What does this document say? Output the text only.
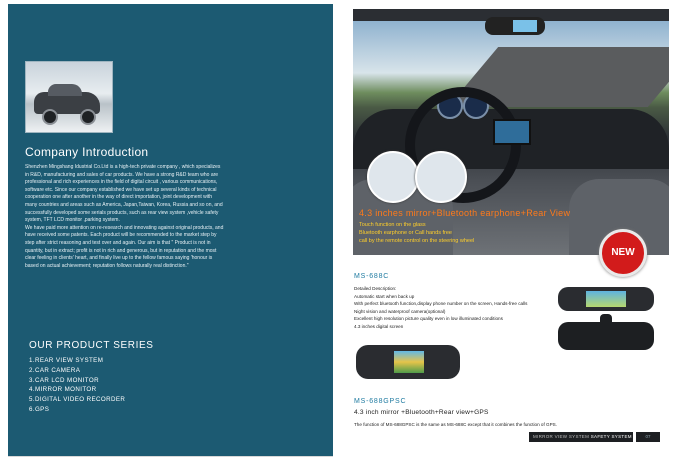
Company Introduction

Shenzhen Mingshang Idustrial Co.Ltd is a high-tech private company , which specializes in R&D, manufacturing and sales of car products. We have a strong R&D team who are professional and rich experiences in the field of digital circuit , various communications, software etc. Since our company established we have set up several kinds of technical cooperation one after another in the way of direct importation, joint development with many countries and areas such as America, Japan,Taiwan, Korea, Russia and so on, and successfully developed some serials products, such as rear view system ,vehicle safety system, TFT LCD monitor ,parking system.

We have paid more attention on re-research and innovating against original products, and have received some patents. Each product will be recommended to the market step by step after strict reasoning and test over and again. Our aim is that " Product is not in quantity, but in extract; profit is not in rich and generous, but in reputation and the most clear feeling in clients' heart, and finally live up to the fellow famous saying 'honour is based on actual achievement; reputation follows naturally real distinction."

OUR PRODUCT SERIES
1.REAR VIEW SYSTEM
2.CAR CAMERA
3.CAR LCD MONITOR
4.MIRROR MONITOR
5.DIGITAL VIDEO RECORDER
6.GPS
4.3 inches mirror+Bluetooth earphone+Rear View
Touch function on the glass
Bluetooth earphone or Call hands free
call by the remote control on the steering wheel
NEW
MS-688C
Detailed Description:
Automatic start when back up
With perfect bluetooth function,display phone number on the screen, Hands-free calls
Night vision and waterproof camera(optional)
Excellent high resolution picture quality even in low illuminated conditions
4.3 inches digital screen
MS-688GPSC
4.3 inch mirror +Bluetooth+Rear view+GPS
The function of MS-688GPSC is the same as MS-688C except that it combines the function of GPS.
MIRROR VIEW SYSTEM SAFETY SYSTEM	07
